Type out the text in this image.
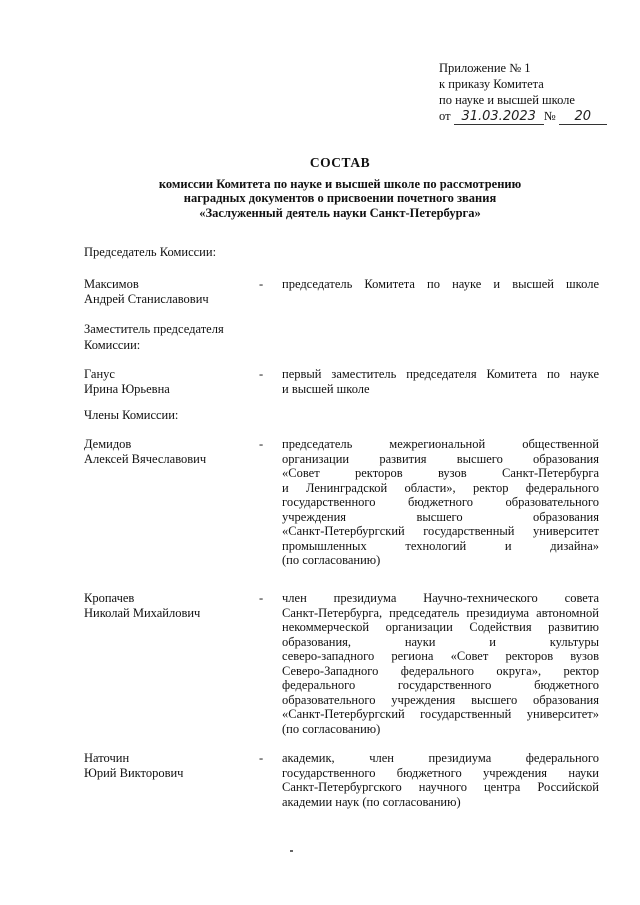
Приложение № 1
к приказу Комитета
по науке и высшей школе
от 31.03.2023 № 20
СОСТАВ
комиссии Комитета по науке и высшей школе по рассмотрению
наградных документов о присвоении почетного звания
«Заслуженный деятель науки Санкт-Петербурга»
Председатель Комиссии:
Максимов
Андрей Станиславович
- председатель Комитета по науке и высшей школе
Заместитель председателя
Комиссии:
Ганус
Ирина Юрьевна
- первый заместитель председателя Комитета по науке
и высшей школе
Члены Комиссии:
Демидов
Алексей Вячеславович
- председатель межрегиональной общественной
организации развития высшего образования
«Совет ректоров вузов Санкт-Петербурга
и Ленинградской области», ректор федерального
государственного бюджетного образовательного
учреждения высшего образования
«Санкт-Петербургский государственный университет
промышленных технологий и дизайна»
(по согласованию)
Кропачев
Николай Михайлович
- член президиума Научно-технического совета
Санкт-Петербурга, председатель президиума автономной
некоммерческой организации Содействия развитию
образования, науки и культуры
северо-западного региона «Совет ректоров вузов
Северо-Западного федерального округа», ректор
федерального государственного бюджетного
образовательного учреждения высшего образования
«Санкт-Петербургский государственный университет»
(по согласованию)
Наточин
Юрий Викторович
- академик, член президиума федерального
государственного бюджетного учреждения науки
Санкт-Петербургского научного центра Российской
академии наук (по согласованию)
